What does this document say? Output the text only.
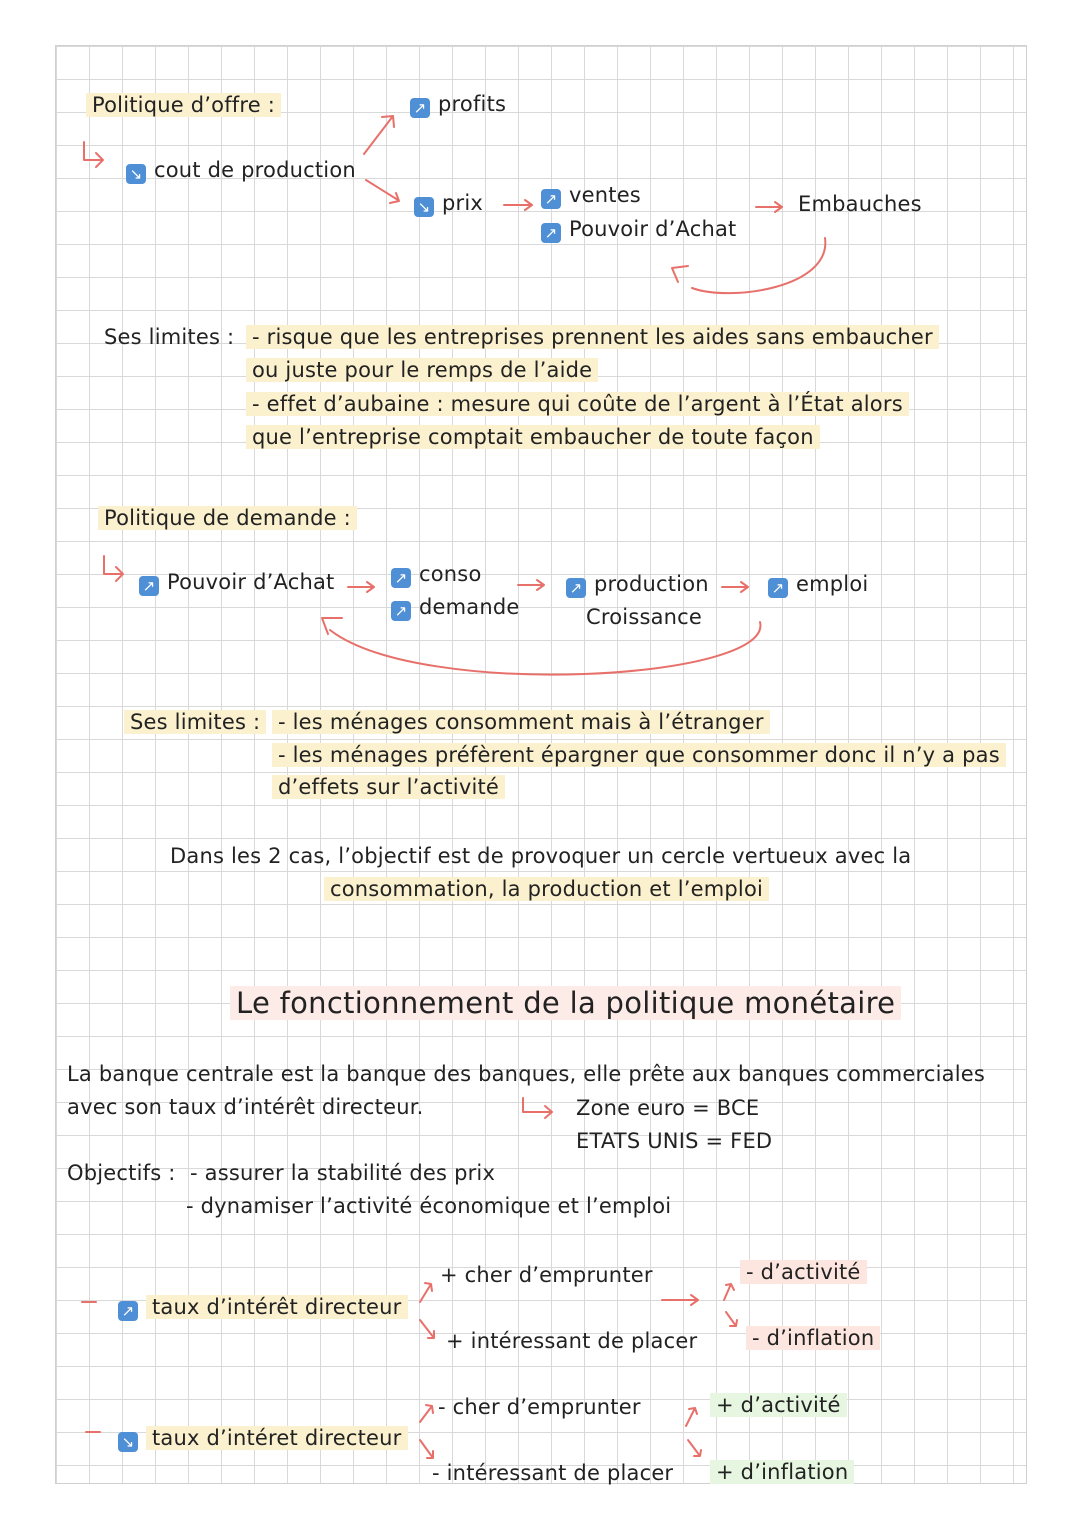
Politique d’offre :
↘ cout de production
↗ profits
↘ prix	↗ ventes
↗ Pouvoir d’Achat
Embauches
Ses limites : - risque que les entreprises prennent les aides sans embaucher
ou juste pour le remps de l’aide
- effet d’aubaine : mesure qui coûte de l’argent à l’État alors
que l’entreprise comptait embaucher de toute façon
Politique de demande :
↗ Pouvoir d’Achat	↗ conso
↗ demande
↗ production
Croissance
↗ emploi
Ses limites : - les ménages consomment mais à l’étranger
- les ménages préfèrent épargner que consommer donc il n’y a pas
d’effets sur l’activité
Dans les 2 cas, l’objectif est de provoquer un cercle vertueux avec la
consommation, la production et l’emploi
Le fonctionnement de la politique monétaire
La banque centrale est la banque des banques, elle prête aux banques commerciales
avec son taux d’intérêt directeur.	Zone euro = BCE
ETATS UNIS = FED
Objectifs : - assurer la stabilité des prix
- dynamiser l’activité économique et l’emploi
↗ taux d’intérêt directeur
+ cher d’emprunter
+ intéressant de placer
- d’activité
- d’inflation
↘ taux d’intéret directeur
- cher d’emprunter
- intéressant de placer
+ d’activité
+ d’inflation
